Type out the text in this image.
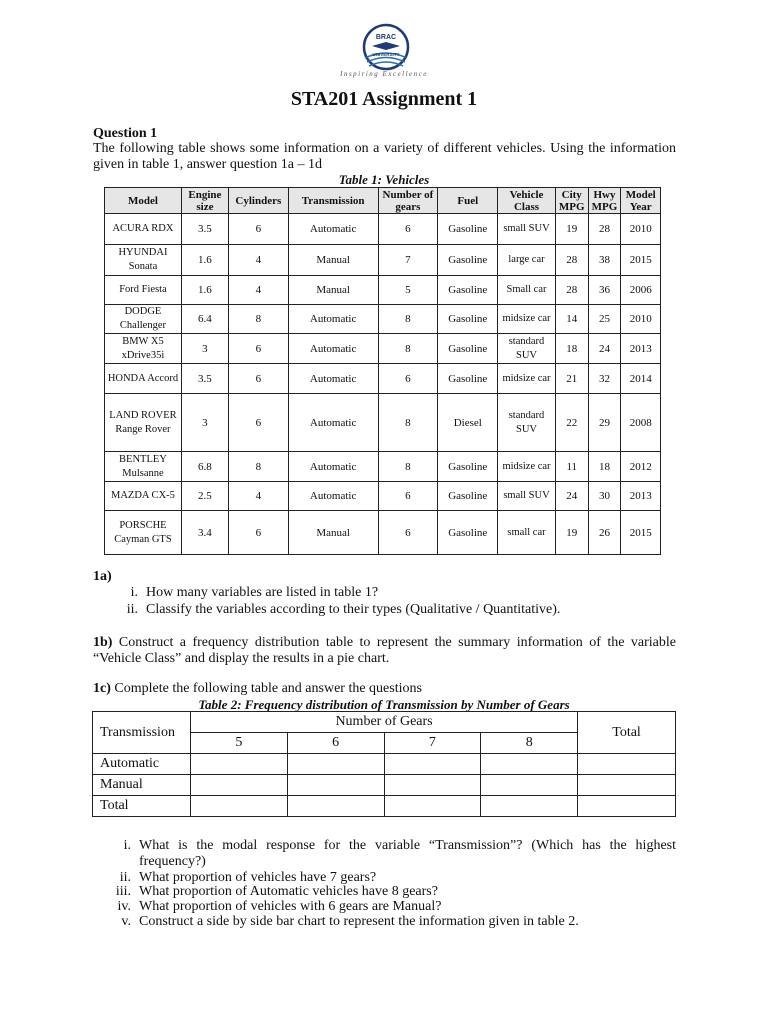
BRAC
UNIVERSITY
Inspiring Excellence
STA201 Assignment 1
Question 1
The following table shows some information on a variety of different vehicles. Using the information given in table 1, answer question 1a – 1d
Table 1: Vehicles
Model	Engine size	Cylinders	Transmission	Number of gears	Fuel	Vehicle Class	City MPG	Hwy MPG	Model Year
ACURA RDX	3.5	6	Automatic	6	Gasoline	small SUV	19	28	2010
HYUNDAI Sonata	1.6	4	Manual	7	Gasoline	large car	28	38	2015
Ford Fiesta	1.6	4	Manual	5	Gasoline	Small car	28	36	2006
DODGE Challenger	6.4	8	Automatic	8	Gasoline	midsize car	14	25	2010
BMW X5 xDrive35i	3	6	Automatic	8	Gasoline	standard SUV	18	24	2013
HONDA Accord	3.5	6	Automatic	6	Gasoline	midsize car	21	32	2014
LAND ROVER Range Rover	3	6	Automatic	8	Diesel	standard SUV	22	29	2008
BENTLEY Mulsanne	6.8	8	Automatic	8	Gasoline	midsize car	11	18	2012
MAZDA CX-5	2.5	4	Automatic	6	Gasoline	small SUV	24	30	2013
PORSCHE Cayman GTS	3.4	6	Manual	6	Gasoline	small car	19	26	2015
1a)
i. How many variables are listed in table 1?
ii. Classify the variables according to their types (Qualitative / Quantitative).
1b) Construct a frequency distribution table to represent the summary information of the variable “Vehicle Class” and display the results in a pie chart.
1c) Complete the following table and answer the questions
Table 2: Frequency distribution of Transmission by Number of Gears
Transmission	Number of Gears				Total
	5	6	7	8	
Automatic					
Manual					
Total					
i. What is the modal response for the variable “Transmission”? (Which has the highest frequency?)
ii. What proportion of vehicles have 7 gears?
iii. What proportion of Automatic vehicles have 8 gears?
iv. What proportion of vehicles with 6 gears are Manual?
v. Construct a side by side bar chart to represent the information given in table 2.
